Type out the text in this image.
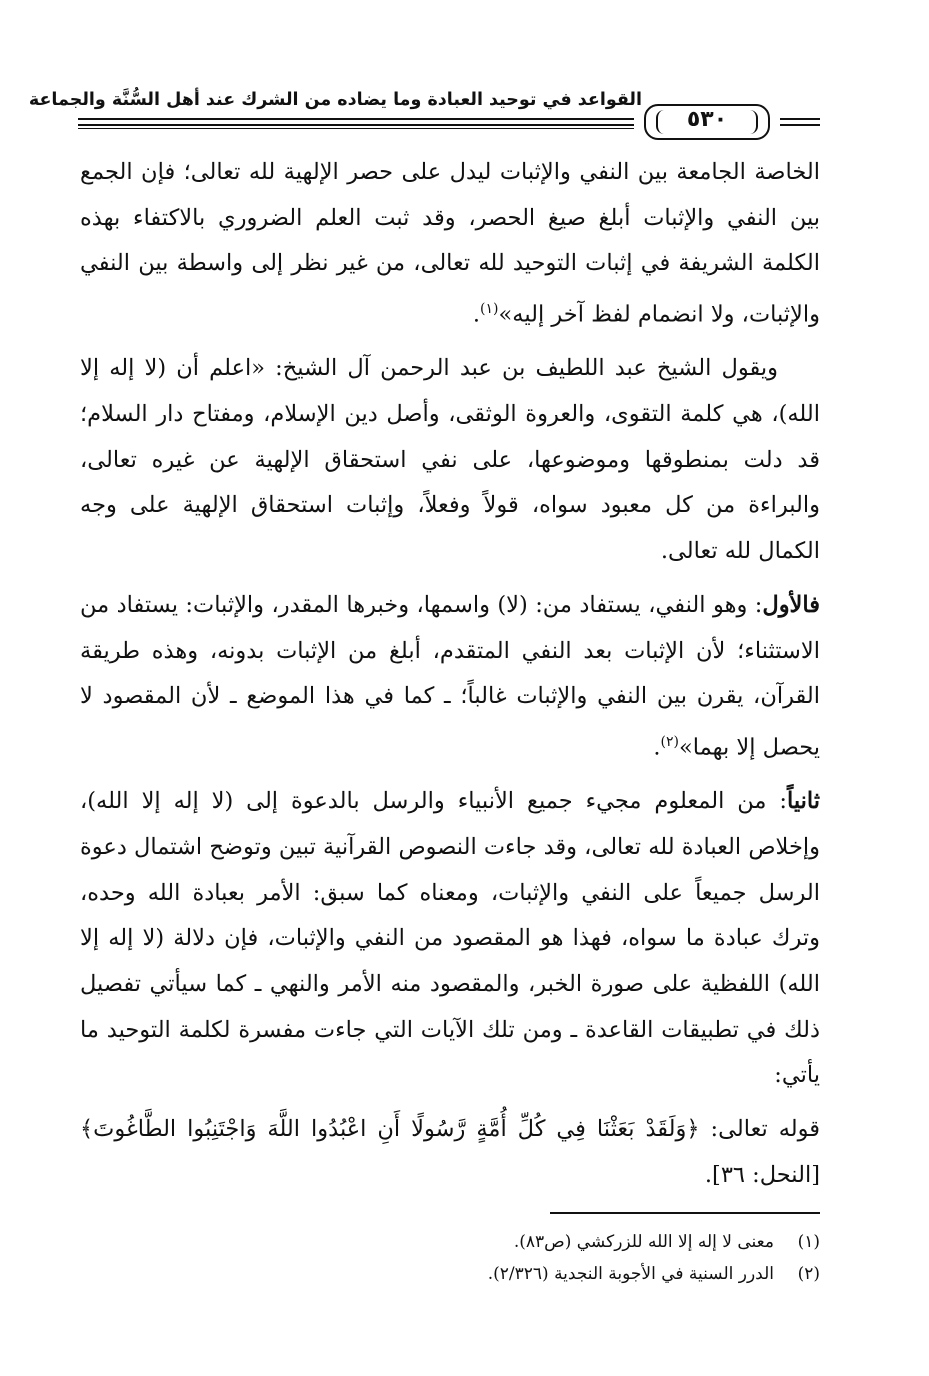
القواعد في توحيد العبادة وما يضاده من الشرك عند أهل السُّنَّة والجماعة
٥٣٠

الخاصة الجامعة بين النفي والإثبات ليدل على حصر الإلهية لله تعالى؛ فإن الجمع بين النفي والإثبات أبلغ صيغ الحصر، وقد ثبت العلم الضروري بالاكتفاء بهذه الكلمة الشريفة في إثبات التوحيد لله تعالى، من غير نظر إلى واسطة بين النفي والإثبات، ولا انضمام لفظ آخر إليه»$^{(١)}$.

ويقول الشيخ عبد اللطيف بن عبد الرحمن آل الشيخ: «اعلم أن (لا إله إلا الله)، هي كلمة التقوى، والعروة الوثقى، وأصل دين الإسلام، ومفتاح دار السلام؛ قد دلت بمنطوقها وموضوعها، على نفي استحقاق الإلهية عن غيره تعالى، والبراءة من كل معبود سواه، قولاً وفعلاً، وإثبات استحقاق الإلهية على وجه الكمال لله تعالى.

فالأول: وهو النفي، يستفاد من: (لا) واسمها، وخبرها المقدر، والإثبات: يستفاد من الاستثناء؛ لأن الإثبات بعد النفي المتقدم، أبلغ من الإثبات بدونه، وهذه طريقة القرآن، يقرن بين النفي والإثبات غالباً؛ ـ كما في هذا الموضع ـ لأن المقصود لا يحصل إلا بهما»$^{(٢)}$.

ثانياً: من المعلوم مجيء جميع الأنبياء والرسل بالدعوة إلى (لا إله إلا الله)، وإخلاص العبادة لله تعالى، وقد جاءت النصوص القرآنية تبين وتوضح اشتمال دعوة الرسل جميعاً على النفي والإثبات، ومعناه كما سبق: الأمر بعبادة الله وحده، وترك عبادة ما سواه، فهذا هو المقصود من النفي والإثبات، فإن دلالة (لا إله إلا الله) اللفظية على صورة الخبر، والمقصود منه الأمر والنهي ـ كما سيأتي تفصيل ذلك في تطبيقات القاعدة ـ ومن تلك الآيات التي جاءت مفسرة لكلمة التوحيد ما يأتي:

قوله تعالى: ﴿وَلَقَدْ بَعَثْنَا فِي كُلِّ أُمَّةٍ رَّسُولًا أَنِ اعْبُدُوا اللَّهَ وَاجْتَنِبُوا الطَّاغُوتَ﴾ [النحل: ٣٦].

(١)
معنى لا إله إلا الله للزركشي (ص٨٣).
(٢)
الدرر السنية في الأجوبة النجدية (٢/٣٢٦).
